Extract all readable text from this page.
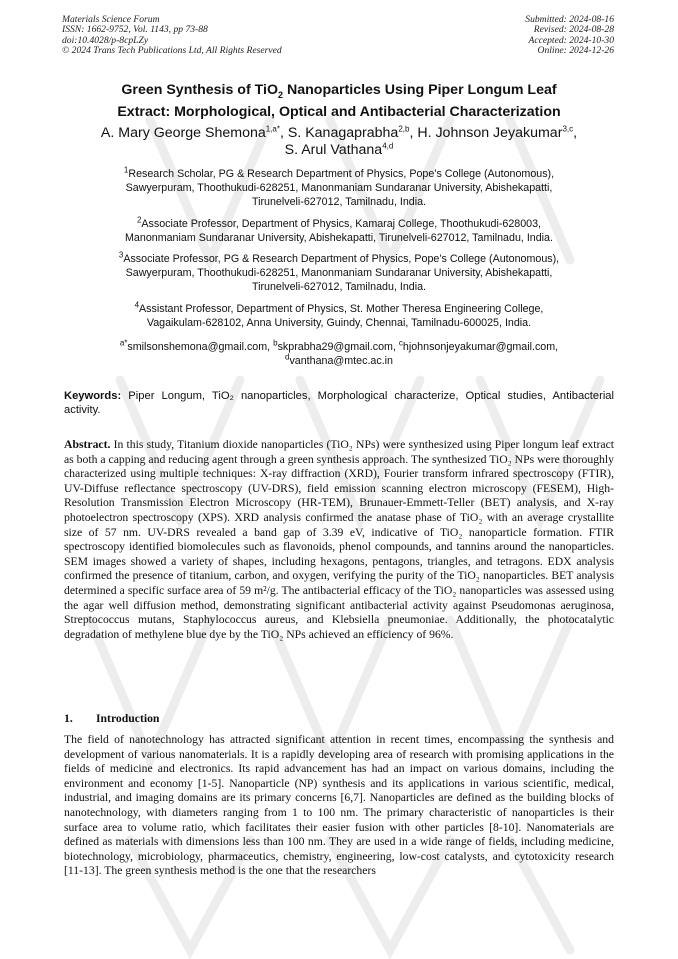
Materials Science Forum
ISSN: 1662-9752, Vol. 1143, pp 73-88
doi:10.4028/p-8cpLZy
© 2024 Trans Tech Publications Ltd, All Rights Reserved
Submitted: 2024-08-16
Revised: 2024-08-28
Accepted: 2024-10-30
Online: 2024-12-26
Green Synthesis of TiO$_2$ Nanoparticles Using Piper Longum Leaf
Extract: Morphological, Optical and Antibacterial Characterization
A. Mary George Shemona$^{1,a*}$, S. Kanagaprabha$^{2,b}$, H. Johnson Jeyakumar$^{3,c}$,
S. Arul Vathana$^{4,d}$
$^1$Research Scholar, PG & Research Department of Physics, Pope’s College (Autonomous),
Sawyerpuram, Thoothukudi-628251, Manonmaniam Sundaranar University, Abishekapatti,
Tirunelveli-627012, Tamilnadu, India.
$^2$Associate Professor, Department of Physics, Kamaraj College, Thoothukudi-628003,
Manonmaniam Sundaranar University, Abishekapatti, Tirunelveli-627012, Tamilnadu, India.
$^3$Associate Professor, PG & Research Department of Physics, Pope’s College (Autonomous),
Sawyerpuram, Thoothukudi-628251, Manonmaniam Sundaranar University, Abishekapatti,
Tirunelveli-627012, Tamilnadu, India.
$^4$Assistant Professor, Department of Physics, St. Mother Theresa Engineering College,
Vagaikulam-628102, Anna University, Guindy, Chennai, Tamilnadu-600025, India.
$^{a*}$smilsonshemona@gmail.com, $^b$skprabha29@gmail.com, $^c$hjohnsonjeyakumar@gmail.com,
$^d$vanthana@mtec.ac.in
Keywords: Piper Longum, TiO₂ nanoparticles, Morphological characterize, Optical studies, Antibacterial activity.
Abstract. In this study, Titanium dioxide nanoparticles (TiO₂ NPs) were synthesized using Piper longum leaf extract as both a capping and reducing agent through a green synthesis approach. The synthesized TiO₂ NPs were thoroughly characterized using multiple techniques: X-ray diffraction (XRD), Fourier transform infrared spectroscopy (FTIR), UV-Diffuse reflectance spectroscopy (UV-DRS), field emission scanning electron microscopy (FESEM), High-Resolution Transmission Electron Microscopy (HR-TEM), Brunauer-Emmett-Teller (BET) analysis, and X-ray photoelectron spectroscopy (XPS). XRD analysis confirmed the anatase phase of TiO₂ with an average crystallite size of 57 nm. UV-DRS revealed a band gap of 3.39 eV, indicative of TiO₂ nanoparticle formation. FTIR spectroscopy identified biomolecules such as flavonoids, phenol compounds, and tannins around the nanoparticles. SEM images showed a variety of shapes, including hexagons, pentagons, triangles, and tetragons. EDX analysis confirmed the presence of titanium, carbon, and oxygen, verifying the purity of the TiO₂ nanoparticles. BET analysis determined a specific surface area of 59 m²/g. The antibacterial efficacy of the TiO₂ nanoparticles was assessed using the agar well diffusion method, demonstrating significant antibacterial activity against Pseudomonas aeruginosa, Streptococcus mutans, Staphylococcus aureus, and Klebsiella pneumoniae. Additionally, the photocatalytic degradation of methylene blue dye by the TiO₂ NPs achieved an efficiency of 96%.
1. Introduction
The field of nanotechnology has attracted significant attention in recent times, encompassing the synthesis and development of various nanomaterials. It is a rapidly developing area of research with promising applications in the fields of medicine and electronics. Its rapid advancement has had an impact on various domains, including the environment and economy [1-5]. Nanoparticle (NP) synthesis and its applications in various scientific, medical, industrial, and imaging domains are its primary concerns [6,7]. Nanoparticles are defined as the building blocks of nanotechnology, with diameters ranging from 1 to 100 nm. The primary characteristic of nanoparticles is their surface area to volume ratio, which facilitates their easier fusion with other particles [8-10]. Nanomaterials are defined as materials with dimensions less than 100 nm. They are used in a wide range of fields, including medicine, biotechnology, microbiology, pharmaceutics, chemistry, engineering, low-cost catalysts, and cytotoxicity research [11-13]. The green synthesis method is the one that the researchers
